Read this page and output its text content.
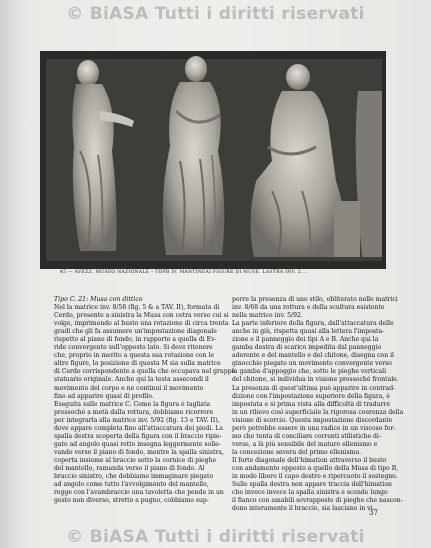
© BiASA Tutti i diritti riservati
45 — AVEZZ. MUSEO NAZIONALE – TOPB IV. MANTINEAI FIGURE DI MUSE. LASTRA INV. 2.…
Nel la matrice inv. 8/58 (fig. 5 & a TAV. II), formata di
Cerdo, presente a sinistra la Musa con cetra verso cui si
volge, imprimendo al busto una rotazione di circa trenta
gradi che gli fa assumere un'impostazione diagonale
rispetto al piano di fondo, in rapporto a quella di Ev-
ride convergente sull'opposto lato. Si deve ritenere
che, proprio in merito a questa sua rotazione con le
altre figure, la posizione di questa M sia sulla matrice
di Cerdo corrispondente a quella che occupava nel gruppo
statuario originale. Anche qui la testa assecondi il
movimento del corpo e ne continui il movimento
fino ad apparire quasi di profilo.
Eseguita sulle matrice C. Come la figura è tagliata
pressoché a metà dalla rottura, dobbiamo ricorrere
per integrarla alla matrice inv. 5/92 (fig. 13 e TAV. II),
dove appare completa fino all'attaccatura dei piedi. La
spalla destra scoperta della figura con il braccio ripie-
gato ad angolo quasi retto insegna leggermente solle-
vando verso il piano di fondo, mentre la spalla sinistra,
coperta insieme al braccio sotto la cornice di pieghe
del mantello, ramanda verso il piano di fondo. Al
braccio sinistro, che dobbiamo immaginare piegato
ad angolo come tutto l'avvolgimento del mantello,
regge con l'avambraccio una tavoletta che pende in un
gesto non diverso, stretto a pugno, cobbiamo sup-
Tipo C. 21: Musa con dittico	porre la presenza di uno stilo, obliterato nelle matrici
inv. 8/68 da una rottura e della scultura esistente
nella matrice inv. 5/92.
La parte inferiore della figura, dall'attaccatura delle
anche in giù, rispetta quasi alla lettera l'imposta-
zione e il panneggio dei tipi A e B. Anche qui la
gamba destra di scarico impedita dal panneggio
aderente e del mantello e del chitone, disegna con il
ginocchio piegato un movimento convergente verso
la gamba d'appoggio che, sotto le pieghe verticali
del chitone, si individua in visione pressoché frontale.
La presenza di quest'ultima può apparire in contrad-
dizione con l'impostazione superiore della figura, è
impostata e si prima vista alla difficoltà di tradurre
in un rilievo così superficiale la rigorosa coerenza della
visione di scorcio. Questa impostazione discordante
però potrebbe essere in una radice in un viscoso fer-
mo che tenta di conciliare correnti stilistiche di-
verse, a là più sensibile del maturo ellenismo e
la concezione severa del primo ellenismo.
Il forte diagonale dell'himation attraverso il busto
con andamento opposto a quello della Musa di tipo B,
in modo libero il capo destro e ripercuote il sostegno.
Sulle spalla destra non appare traccia dell'himation
che invece invece la spalla sinistra e scende lungo
il fianco con amabili sovrapposte di pieghe che nascon-
dono interamente il braccio, sia lasciano in vi-
37
© BiASA Tutti i diritti riservati
